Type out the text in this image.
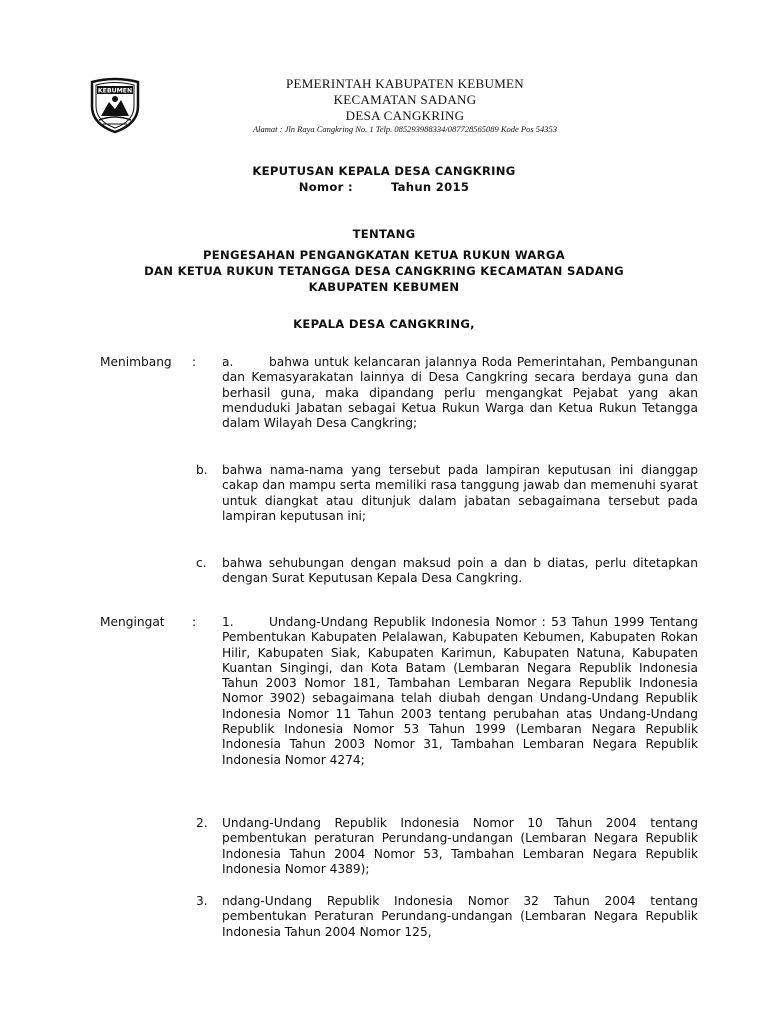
KEBUMEN	PEMERINTAH KABUPATEN KEBUMEN
KECAMATAN SADANG
DESA CANGKRING
Alamat : Jln Raya Cangkring No. 1 Telp. 085293988334/087728565089 Kode Pos 54353
KEPUTUSAN KEPALA DESA CANGKRING
Nomor :	Tahun 2015
TENTANG
PENGESAHAN PENGANGKATAN KETUA RUKUN WARGA
DAN KETUA RUKUN TETANGGA DESA CANGKRING KECAMATAN SADANG
KABUPATEN KEBUMEN
KEPALA DESA CANGKRING,
Menimbang : a.	bahwa untuk kelancaran jalannya Roda Pemerintahan, Pembangunan dan Kemasyarakatan lainnya di Desa Cangkring secara berdaya guna dan berhasil guna, maka dipandang perlu mengangkat Pejabat yang akan menduduki Jabatan sebagai Ketua Rukun Warga dan Ketua Rukun Tetangga dalam Wilayah Desa Cangkring;

b. bahwa nama-nama yang tersebut pada lampiran keputusan ini dianggap cakap dan mampu serta memiliki rasa tanggung jawab dan memenuhi syarat untuk diangkat atau ditunjuk dalam jabatan sebagaimana tersebut pada lampiran keputusan ini;

c. bahwa sehubungan dengan maksud poin a dan b diatas, perlu ditetapkan dengan Surat Keputusan Kepala Desa Cangkring.

Mengingat : 1.	Undang-Undang Republik Indonesia Nomor : 53 Tahun 1999 Tentang Pembentukan Kabupaten Pelalawan, Kabupaten Kebumen, Kabupaten Rokan Hilir, Kabupaten Siak, Kabupaten Karimun, Kabupaten Natuna, Kabupaten Kuantan Singingi, dan Kota Batam (Lembaran Negara Republik Indonesia Tahun 2003 Nomor 181, Tambahan Lembaran Negara Republik Indonesia Nomor 3902) sebagaimana telah diubah dengan Undang-Undang Republik Indonesia Nomor 11 Tahun 2003 tentang perubahan atas Undang-Undang Republik Indonesia Nomor 53 Tahun 1999 (Lembaran Negara Republik Indonesia Tahun 2003 Nomor 31, Tambahan Lembaran Negara Republik Indonesia Nomor 4274;

2. Undang-Undang Republik Indonesia Nomor 10 Tahun 2004 tentang pembentukan peraturan Perundang-undangan (Lembaran Negara Republik Indonesia Tahun 2004 Nomor 53, Tambahan Lembaran Negara Republik Indonesia Nomor 4389);

3. ndang-Undang Republik Indonesia Nomor 32 Tahun 2004 tentang pembentukan Peraturan Perundang-undangan (Lembaran Negara Republik Indonesia Tahun 2004 Nomor 125,
